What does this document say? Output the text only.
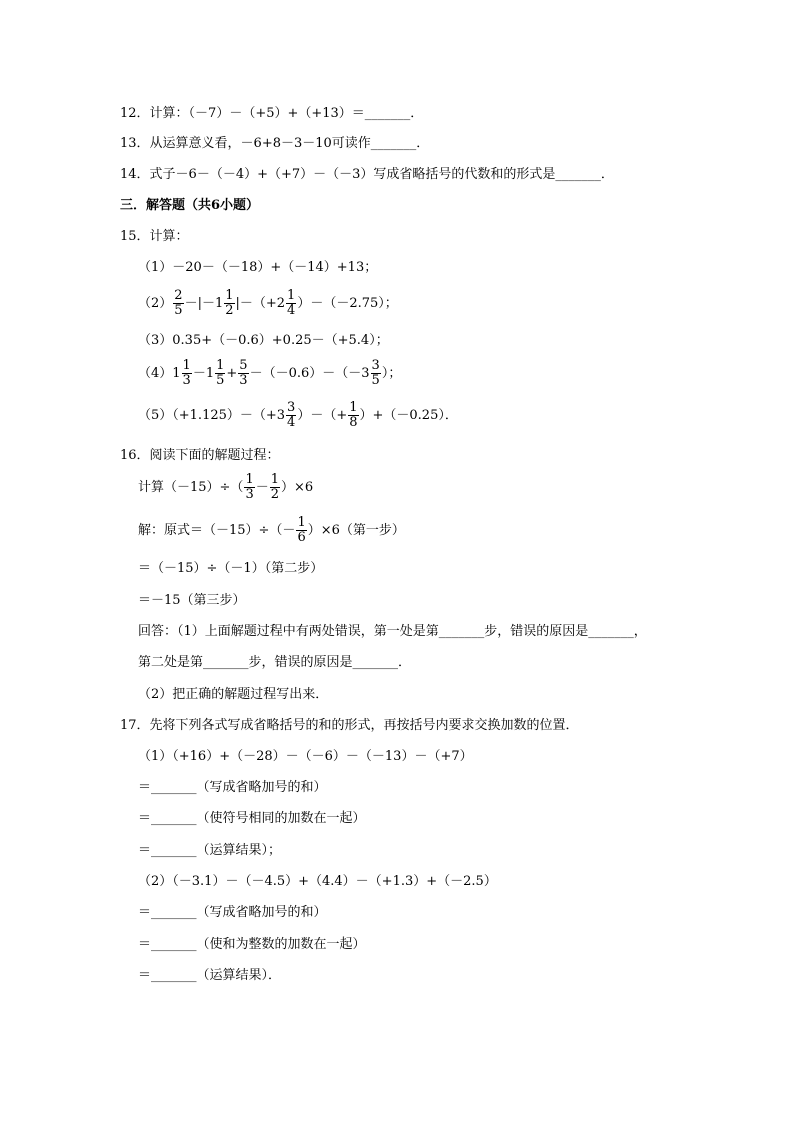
12．计算：（－7）－（+5）+（+13）＝_______．
13．从运算意义看，－6+8－3－10可读作_______．
14．式子－6－（－4）+（+7）－（－3）写成省略括号的代数和的形式是_______．
三．解答题（共6小题）
15．计算：
（1）－20－（－18）+（－14）+13；
$(2) \frac{2}{5} -|-1 \frac{1}{2} |-(+2 \frac{1}{4} )-(-2.75)$；
（3）0.35+（－0.6）+0.25－（+5.4）；
$(4)1 \frac{1}{3} -1 \frac{1}{5} + \frac{5}{3} -(-0.6)-(-3 \frac{3}{5}$ ）；
$(5)(+1.125)-(+3 \frac{3}{4}$ ）－（+ $\frac{1}{8} )+(-0.25)$．
16．阅读下面的解题过程：
计算$(-15)\div( \frac{1}{3} - \frac{1}{2} )\times 6$
解：原式$=(-15)\div(- \frac{1}{6} )\times 6$（第一步）
＝（－15）÷（－1）（第二步）
＝－15（第三步）
回答：（1）上面解题过程中有两处错误，第一处是第_______步，错误的原因是_______，
第二处是第_______步，错误的原因是_______．
（2）把正确的解题过程写出来．
17．先将下列各式写成省略括号的和的形式，再按括号内要求交换加数的位置．
（1）（+16）+（－28）－（－6）－（－13）－（+7）
＝_______（写成省略加号的和）
＝_______（使符号相同的加数在一起）
＝_______（运算结果）；
（2）（－3.1）－（－4.5）+（4.4）－（+1.3）+（－2.5）
＝_______（写成省略加号的和）
＝_______（使和为整数的加数在一起）
＝_______（运算结果）．
